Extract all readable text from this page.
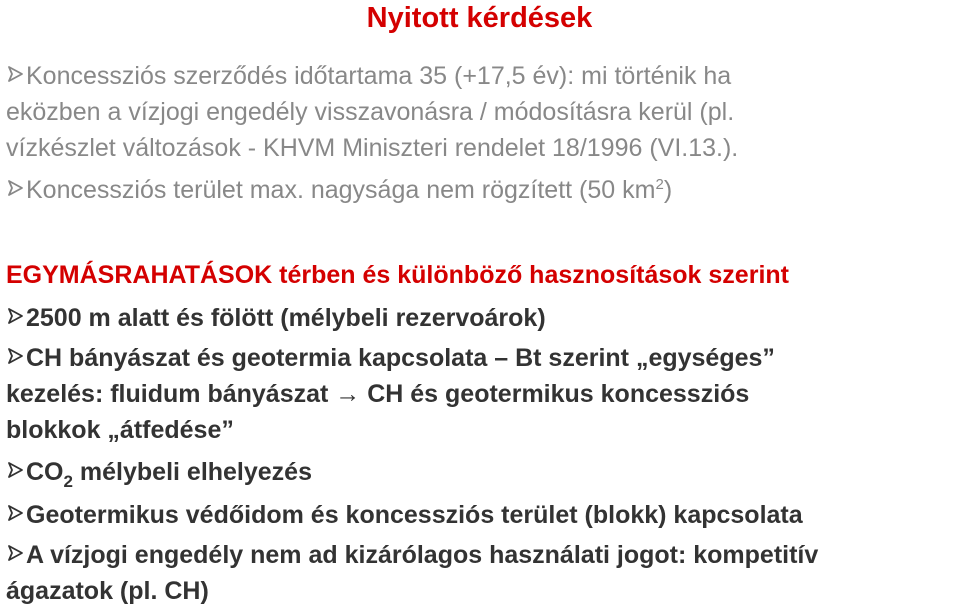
Nyitott kérdések
Koncessziós szerződés időtartama 35 (+17,5 év): mi történik ha
eközben a vízjogi engedély visszavonásra / módosításra kerül (pl.
vízkészlet változások - KHVM Miniszteri rendelet 18/1996 (VI.13.).
Koncessziós terület max. nagysága nem rögzített (50 $km^2$)
EGYMÁSRAHATÁSOK térben és különböző hasznosítások szerint
2500 m alatt és fölött (mélybeli rezervoárok)
CH bányászat és geotermia kapcsolata – Bt szerint „egységes”
kezelés: fluidum bányászat → CH és geotermikus koncessziós
blokkok „átfedése”
$CO_2$ mélybeli elhelyezés
Geotermikus védőidom és koncessziós terület (blokk) kapcsolata
A vízjogi engedély nem ad kizárólagos használati jogot: kompetitív
ágazatok (pl. CH)
